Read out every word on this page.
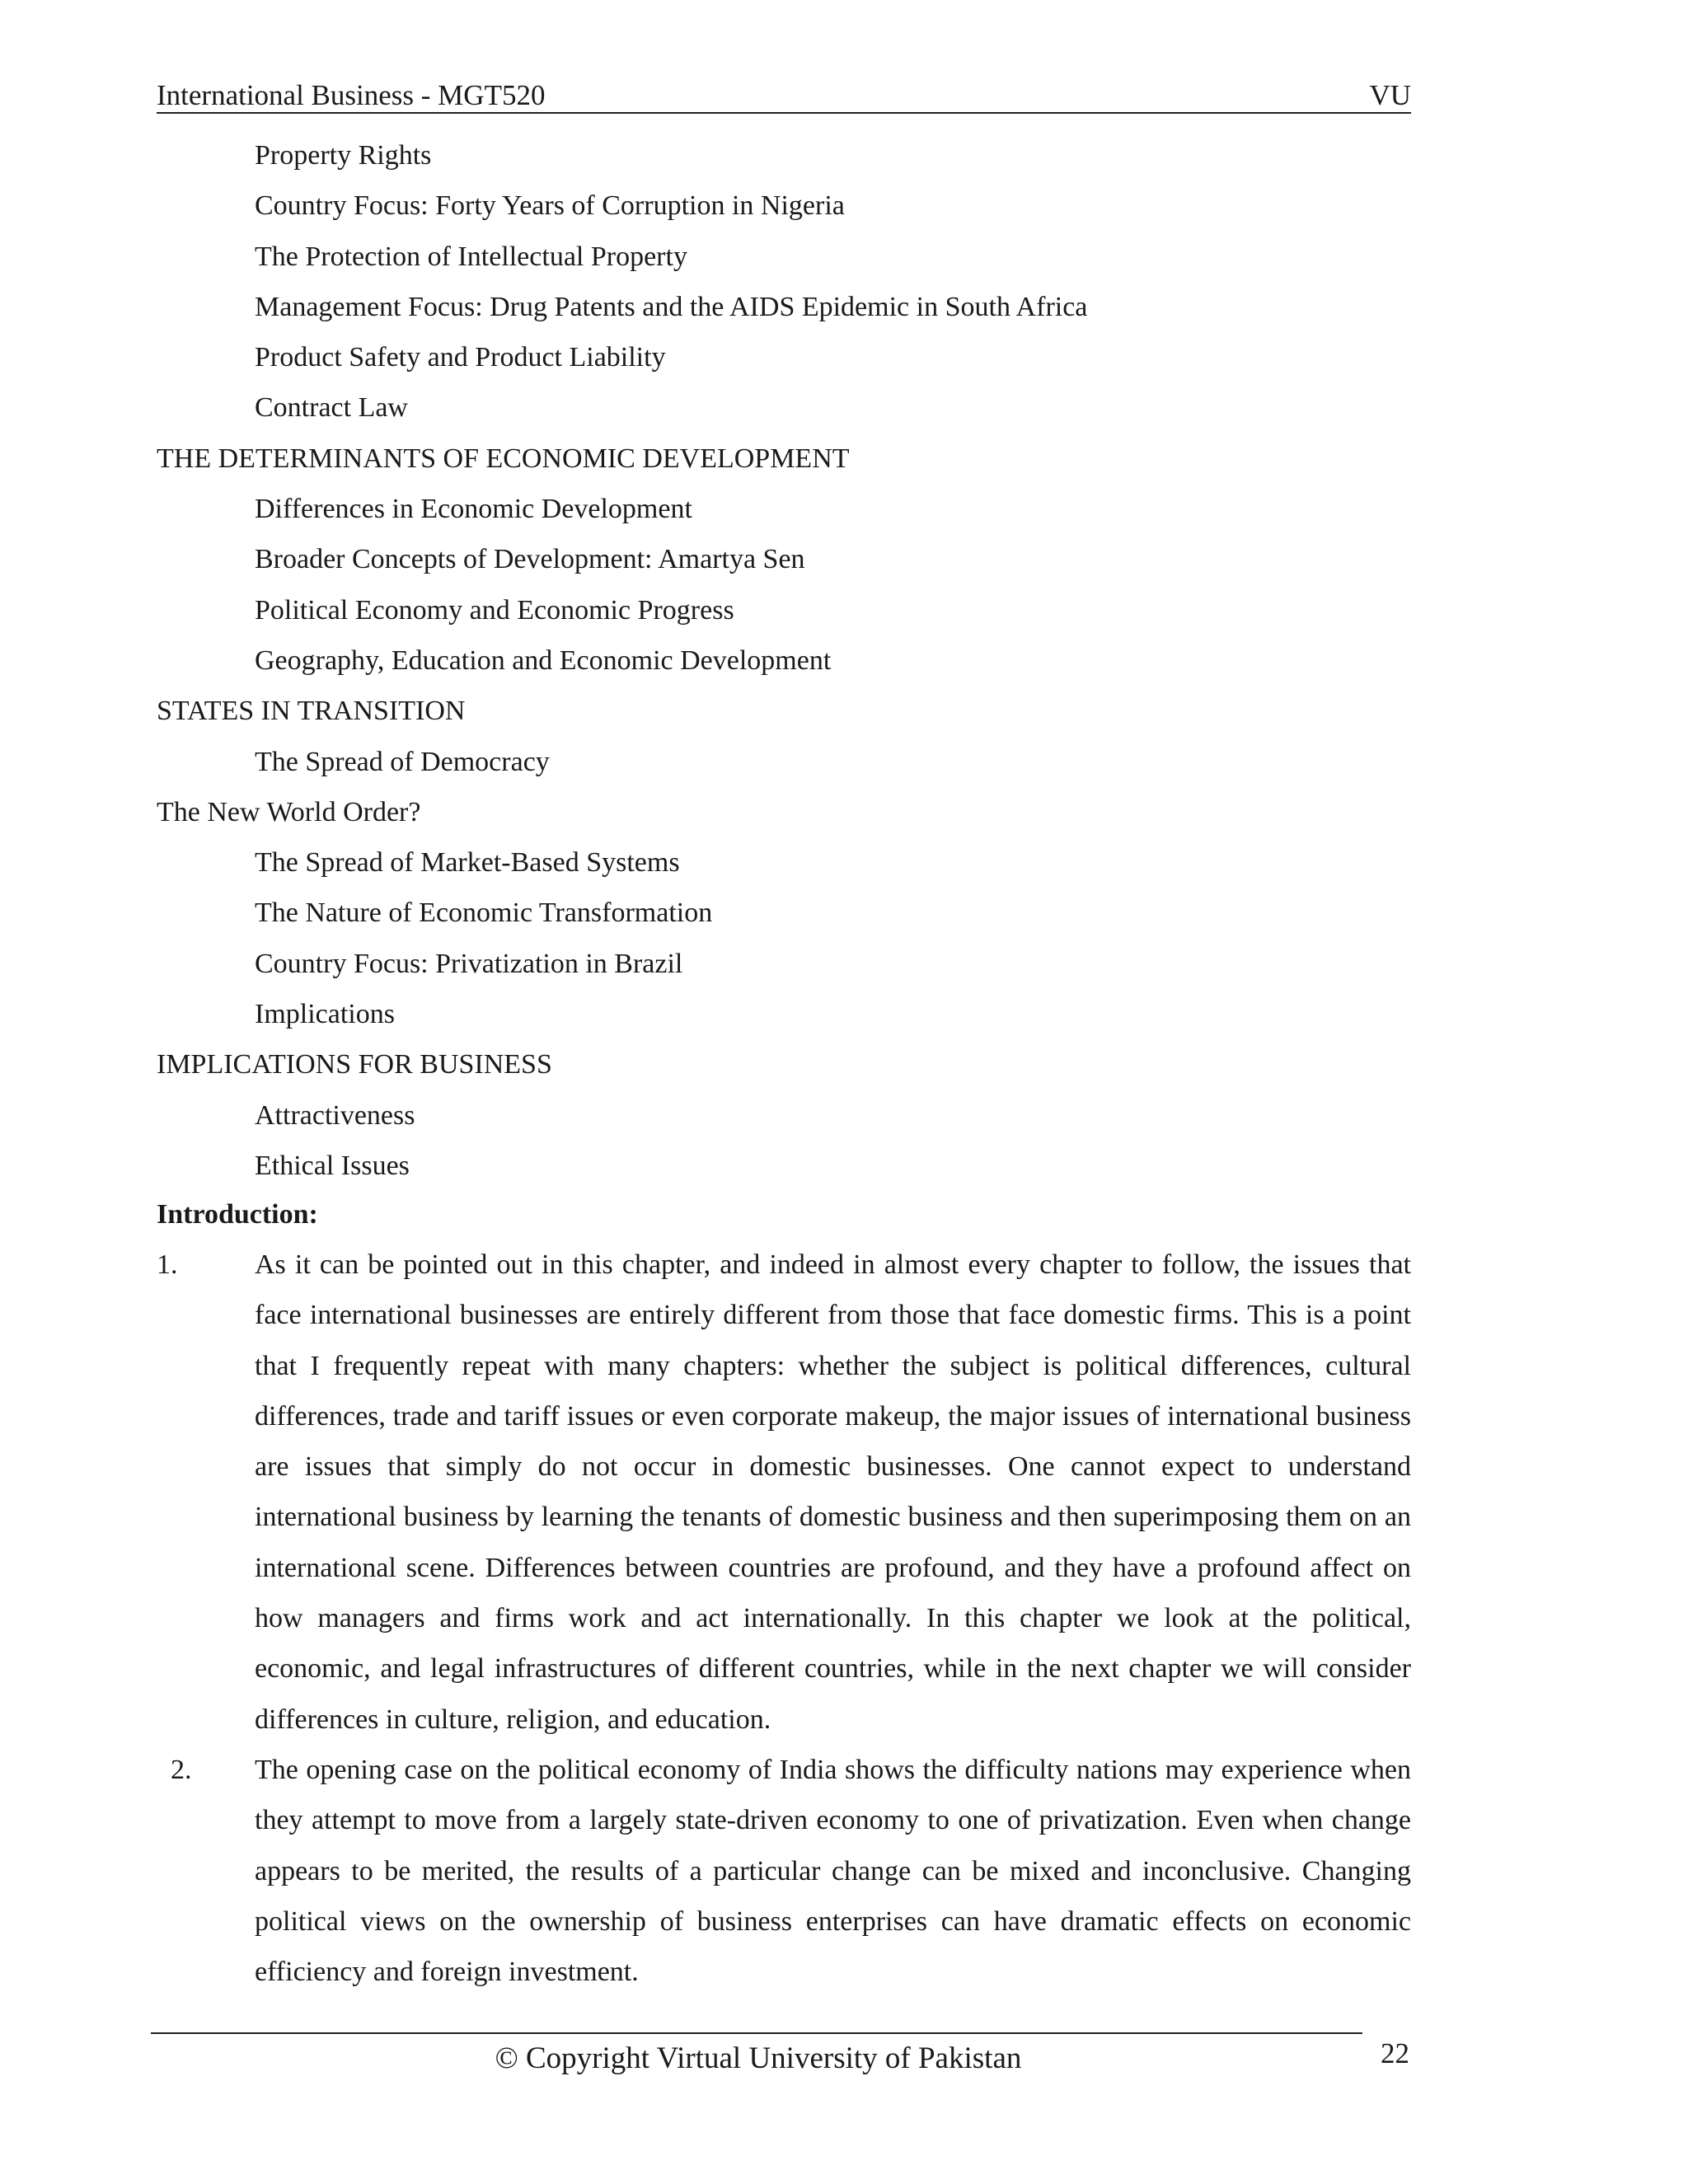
International Business - MGT520	VU
Property Rights
Country Focus: Forty Years of Corruption in Nigeria
The Protection of Intellectual Property
Management Focus: Drug Patents and the AIDS Epidemic in South Africa
Product Safety and Product Liability
Contract Law
THE DETERMINANTS OF ECONOMIC DEVELOPMENT
Differences in Economic Development
Broader Concepts of Development: Amartya Sen
Political Economy and Economic Progress
Geography, Education and Economic Development
STATES IN TRANSITION
The Spread of Democracy
The New World Order?
The Spread of Market-Based Systems
The Nature of Economic Transformation
Country Focus: Privatization in Brazil
Implications
IMPLICATIONS FOR BUSINESS
Attractiveness
Ethical Issues
Introduction:
1.	As it can be pointed out in this chapter, and indeed in almost every chapter to follow, the issues that face international businesses are entirely different from those that face domestic firms. This is a point that I frequently repeat with many chapters: whether the subject is political differences, cultural differences, trade and tariff issues or even corporate makeup, the major issues of international business are issues that simply do not occur in domestic businesses. One cannot expect to understand international business by learning the tenants of domestic business and then superimposing them on an international scene. Differences between countries are profound, and they have a profound affect on how managers and firms work and act internationally. In this chapter we look at the political, economic, and legal infrastructures of different countries, while in the next chapter we will consider differences in culture, religion, and education.
2. The opening case on the political economy of India shows the difficulty nations may experience when they attempt to move from a largely state-driven economy to one of privatization. Even when change appears to be merited, the results of a particular change can be mixed and inconclusive. Changing political views on the ownership of business enterprises can have dramatic effects on economic efficiency and foreign investment.
© Copyright Virtual University of Pakistan	22
